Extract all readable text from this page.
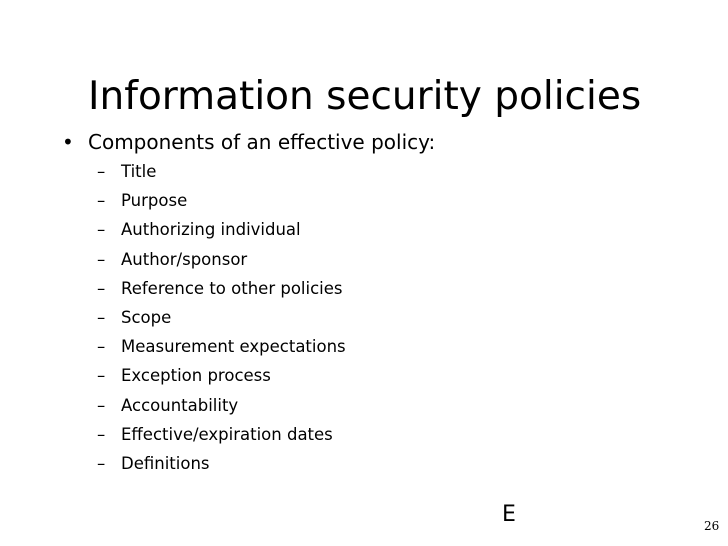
Information security policies
• Components of an effective policy:
– Title
– Purpose
– Authorizing individual
– Author/sponsor
– Reference to other policies
– Scope
– Measurement expectations
– Exception process
– Accountability
– Effective/expiration dates
– Definitions
E	26
